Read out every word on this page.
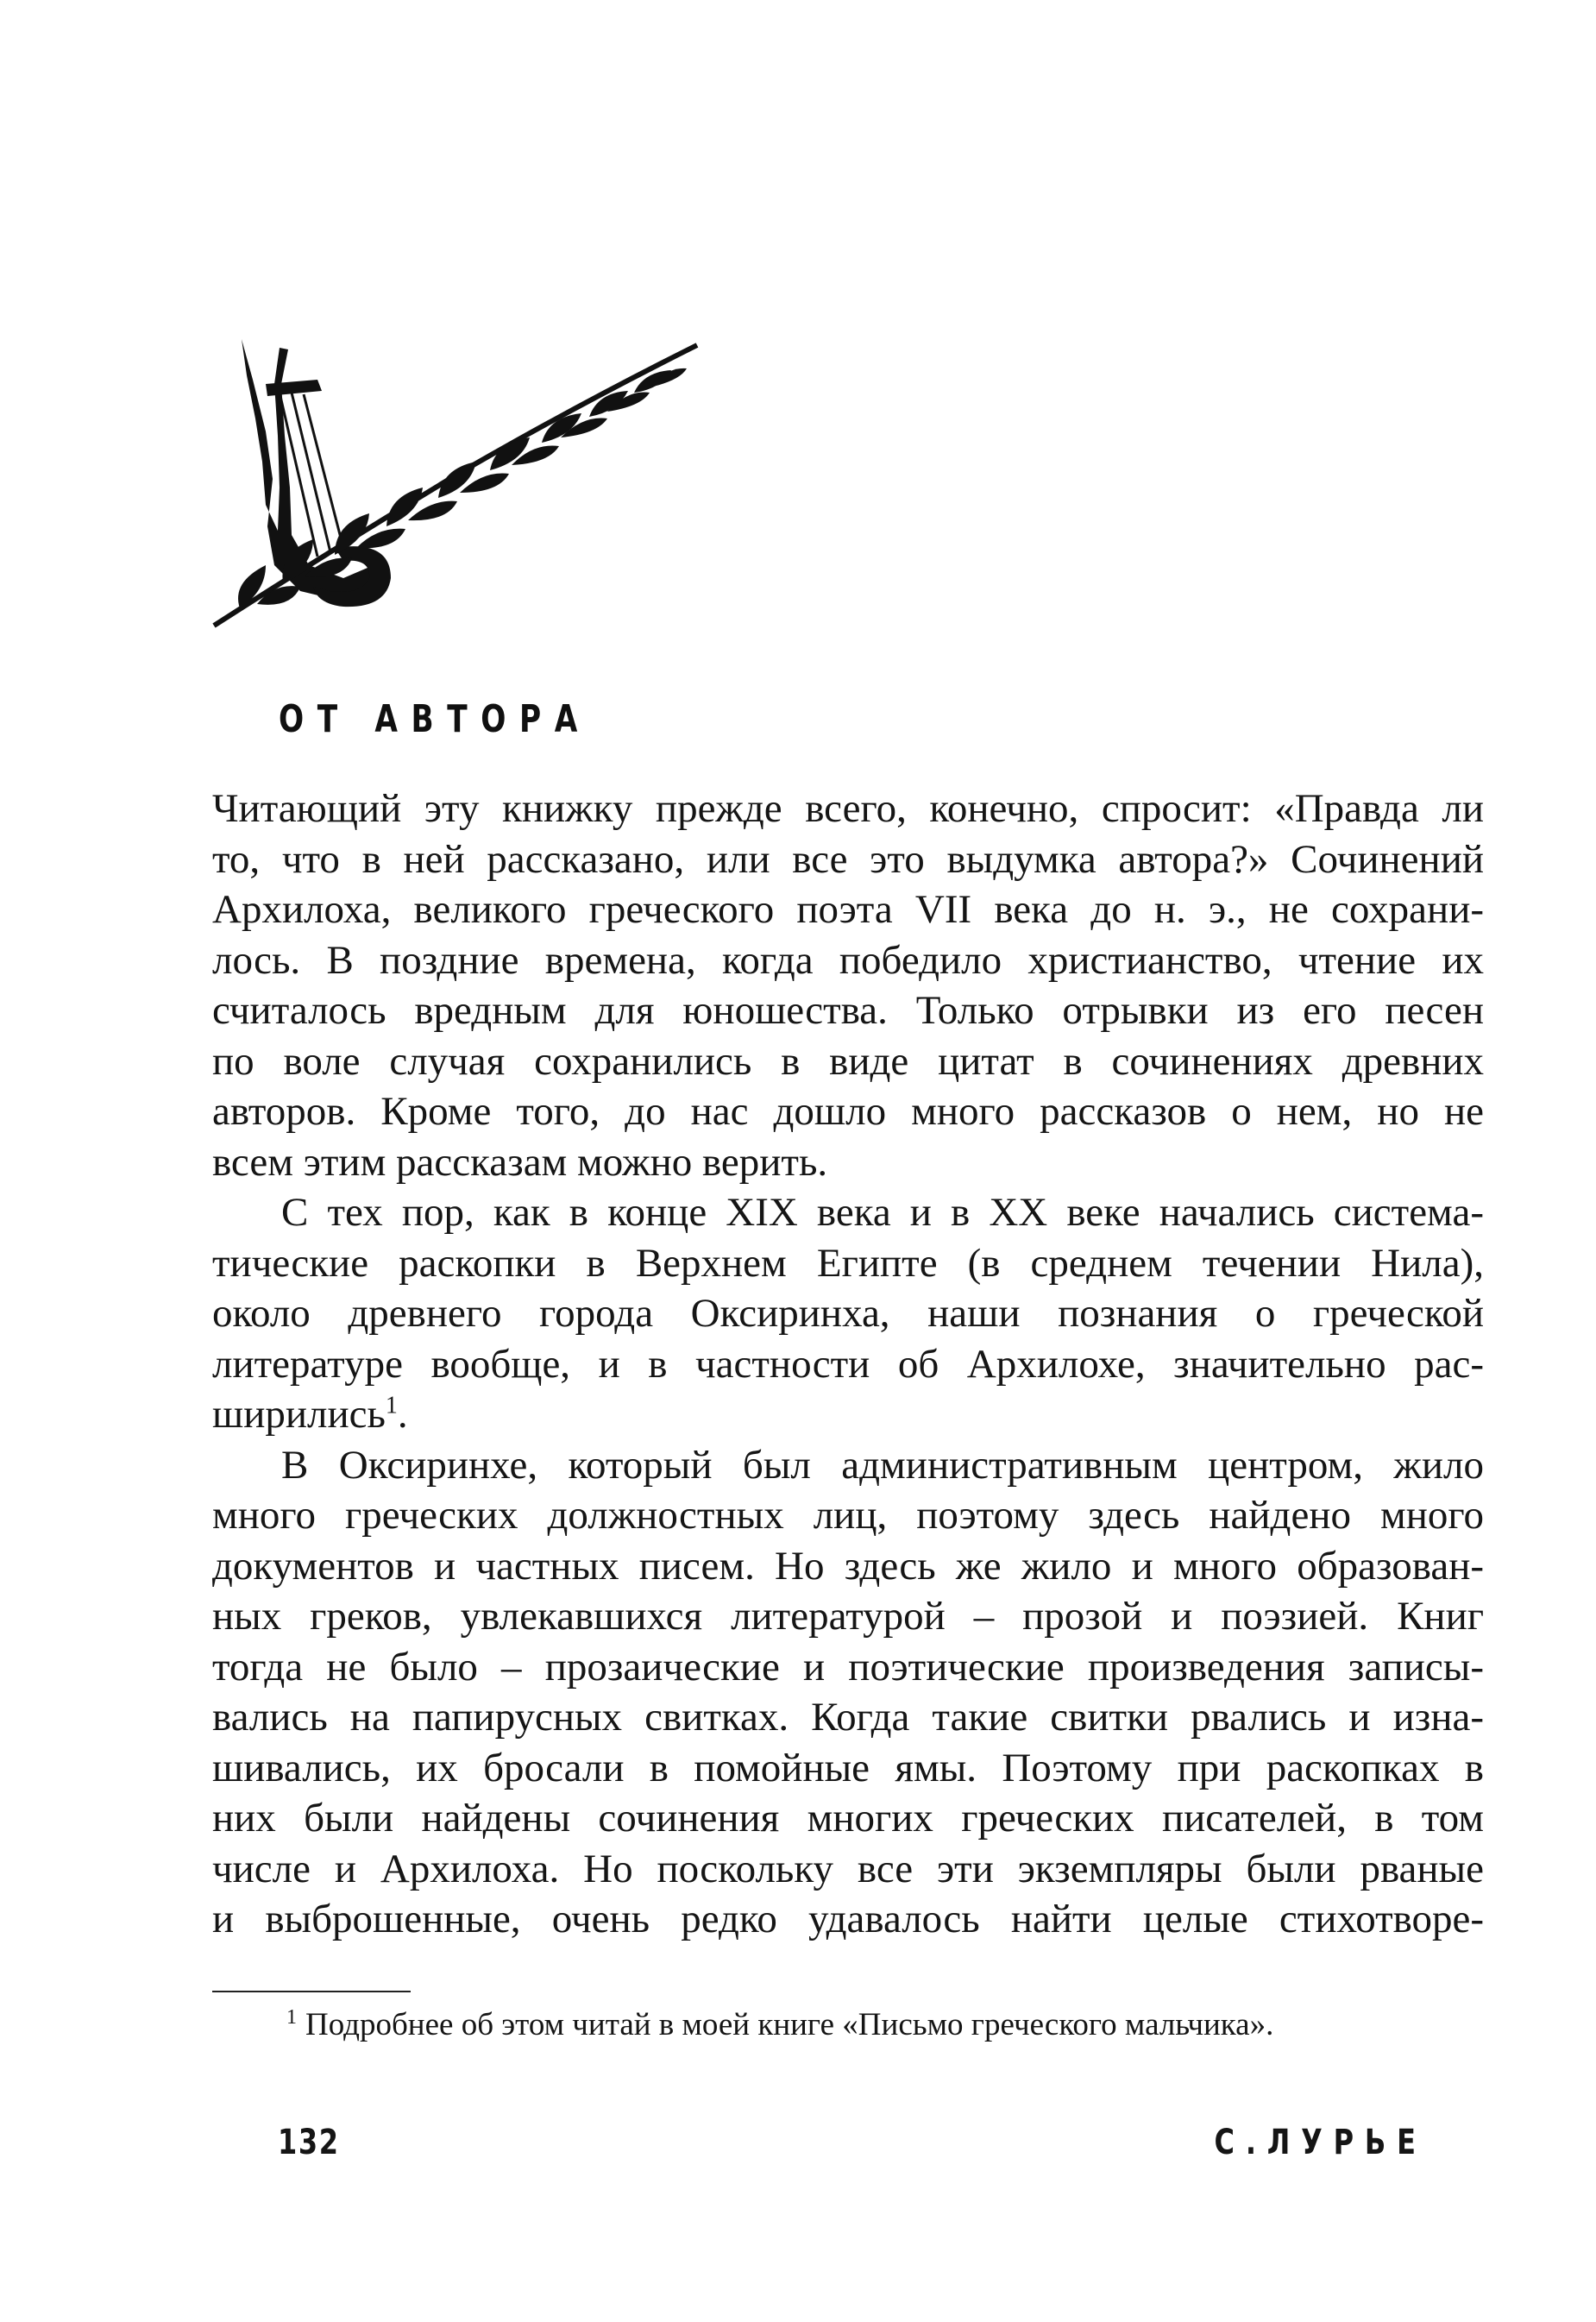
ОТ АВТОРА

Читающий эту книжку прежде всего, конечно, спросит: «Правда ли
то, что в ней рассказано, или все это выдумка автора?» Сочинений
Архилоха, великого греческого поэта VII века до н. э., не сохрани-
лось. В поздние времена, когда победило христианство, чтение их
считалось вредным для юношества. Только отрывки из его песен
по воле случая сохранились в виде цитат в сочинениях древних
авторов. Кроме того, до нас дошло много рассказов о нем, но не
всем этим рассказам можно верить.

С тех пор, как в конце XIX века и в XX веке начались система-
тические раскопки в Верхнем Египте (в среднем течении Нила),
около древнего города Оксиринха, наши познания о греческой
литературе вообще, и в частности об Архилохе, значительно рас-
ширились$^1$.

В Оксиринхе, который был административным центром, жило
много греческих должностных лиц, поэтому здесь найдено много
документов и частных писем. Но здесь же жило и много образован-
ных греков, увлекавшихся литературой – прозой и поэзией. Книг
тогда не было – прозаические и поэтические произведения записы-
вались на папирусных свитках. Когда такие свитки рвались и изна-
шивались, их бросали в помойные ямы. Поэтому при раскопках в
них были найдены сочинения многих греческих писателей, в том
числе и Архилоха. Но поскольку все эти экземпляры были рваные
и выброшенные, очень редко удавалось найти целые стихотворе-

$^1$ Подробнее об этом читай в моей книге «Письмо греческого мальчика».
132	С.ЛУРЬЕ
